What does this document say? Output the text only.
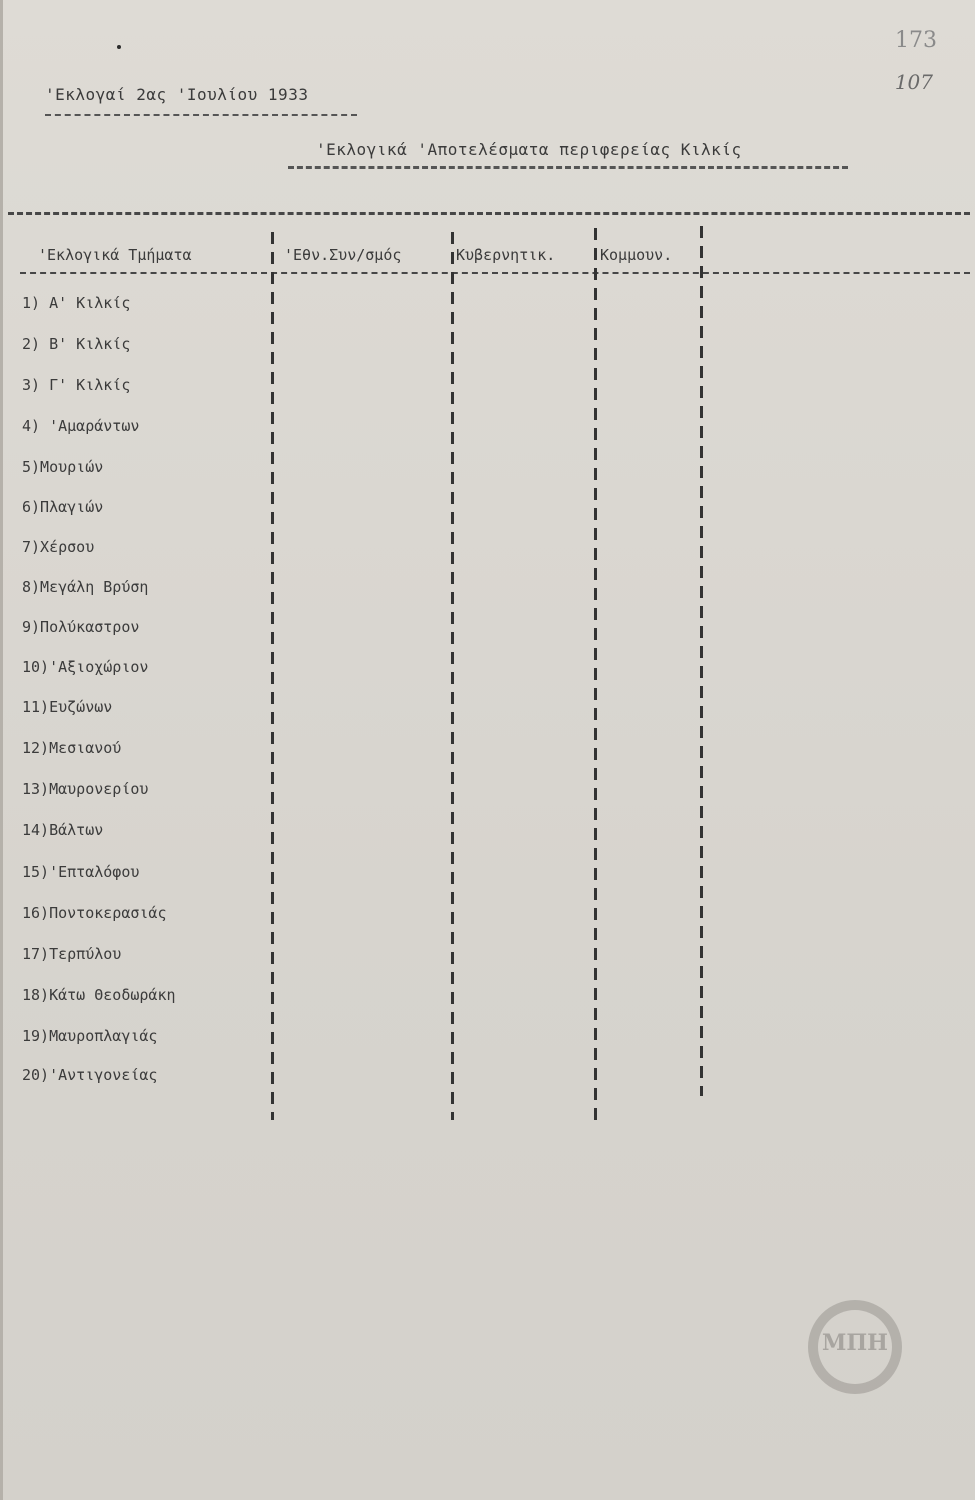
173
107
'Εκλογαί 2ας 'Ιουλίου 1933
'Εκλογικά 'Αποτελέσματα περιφερείας Κιλκίς
'Εκλογικά Τμήματα	'Εθν.Συν/σμός	Κυβερνητικ.	Κομμουν.
1) Α' Κιλκίς
2) Β' Κιλκίς
3) Γ' Κιλκίς
4) 'Αμαράντων
5)Μουριών
6)Πλαγιών
7)Χέρσου
8)Μεγάλη Βρύση
9)Πολύκαστρον
10)'Αξιοχώριον
11)Ευζώνων
12)Μεσιανού
13)Μαυρονερίου
14)Βάλτων
15)'Επταλόφου
16)Ποντοκερασιάς
17)Τερπύλου
18)Κάτω Θεοδωράκη
19)Μαυροπλαγιάς
20)'Αντιγονείας
ΜΠΗ
